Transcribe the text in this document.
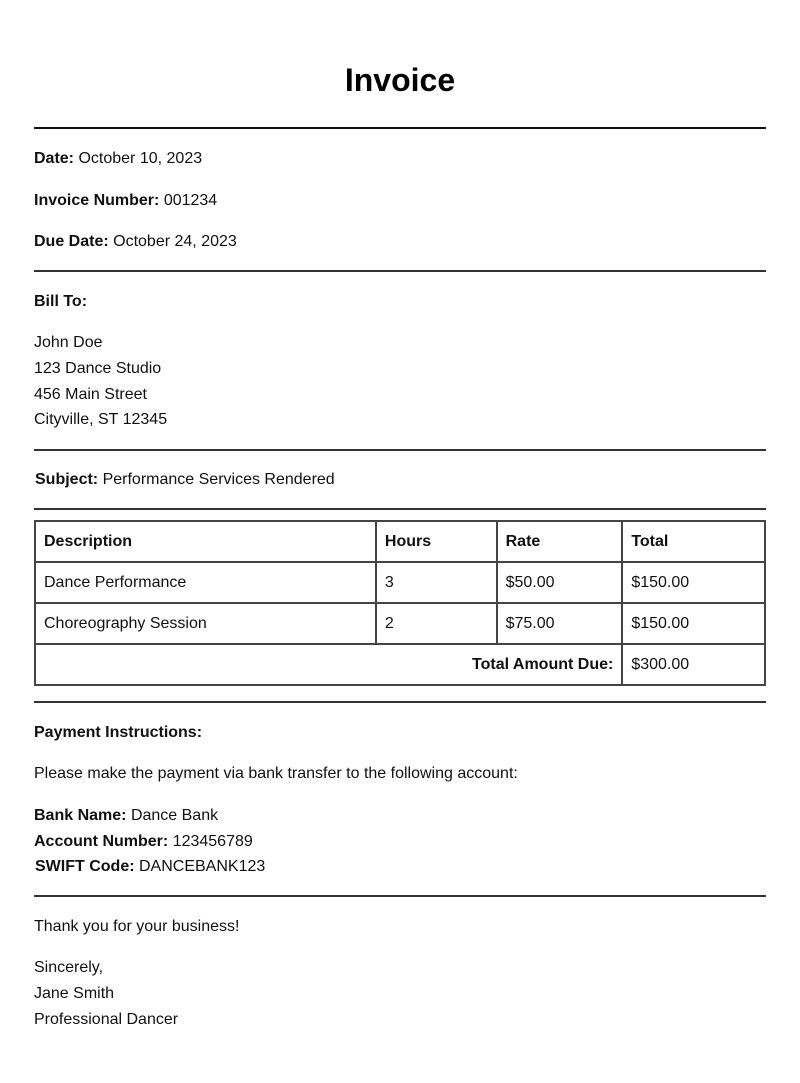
Invoice
Date: October 10, 2023
Invoice Number: 001234
Due Date: October 24, 2023
Bill To:
John Doe
123 Dance Studio
456 Main Street
Cityville, ST 12345
Subject: Performance Services Rendered
Description	Hours	Rate	Total
Dance Performance	3	$50.00	$150.00
Choreography Session	2	$75.00	$150.00
Total Amount Due:			$300.00
Payment Instructions:
Please make the payment via bank transfer to the following account:
Bank Name: Dance Bank
Account Number: 123456789
SWIFT Code: DANCEBANK123
Thank you for your business!
Sincerely,
Jane Smith
Professional Dancer
